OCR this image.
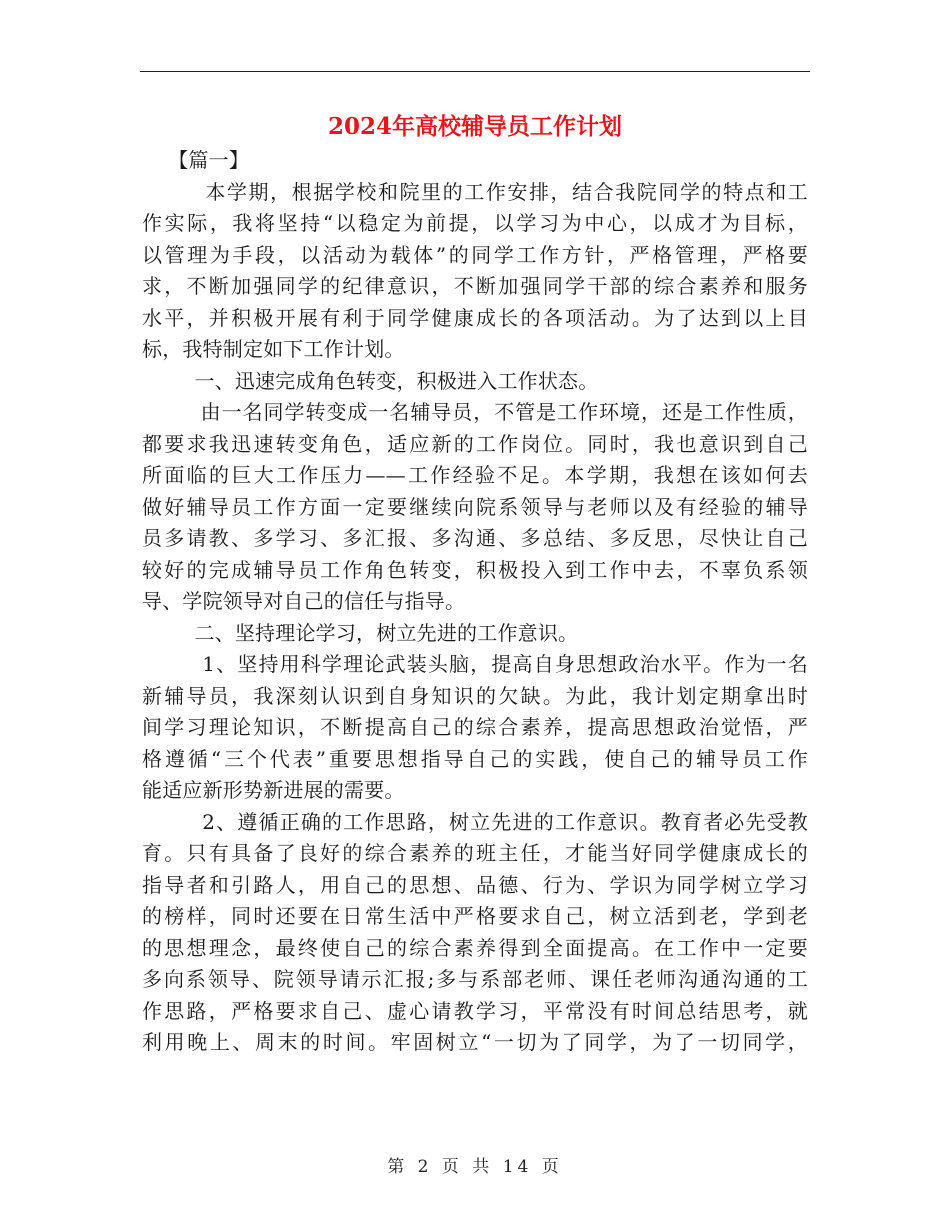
2024年高校辅导员工作计划
【篇一】
本学期，根据学校和院里的工作安排，结合我院同学的特点和工
作实际，我将坚持“以稳定为前提，以学习为中心，以成才为目标，
以管理为手段，以活动为载体”的同学工作方针，严格管理，严格要
求，不断加强同学的纪律意识，不断加强同学干部的综合素养和服务
水平，并积极开展有利于同学健康成长的各项活动。为了达到以上目
标，我特制定如下工作计划。
一、迅速完成角色转变，积极进入工作状态。
由一名同学转变成一名辅导员，不管是工作环境，还是工作性质，
都要求我迅速转变角色，适应新的工作岗位。同时，我也意识到自己
所面临的巨大工作压力——工作经验不足。本学期，我想在该如何去
做好辅导员工作方面一定要继续向院系领导与老师以及有经验的辅导
员多请教、多学习、多汇报、多沟通、多总结、多反思，尽快让自己
较好的完成辅导员工作角色转变，积极投入到工作中去，不辜负系领
导、学院领导对自己的信任与指导。
二、坚持理论学习，树立先进的工作意识。
1、坚持用科学理论武装头脑，提高自身思想政治水平。作为一名
新辅导员，我深刻认识到自身知识的欠缺。为此，我计划定期拿出时
间学习理论知识，不断提高自己的综合素养，提高思想政治觉悟，严
格遵循“三个代表”重要思想指导自己的实践，使自己的辅导员工作
能适应新形势新进展的需要。
2、遵循正确的工作思路，树立先进的工作意识。教育者必先受教
育。只有具备了良好的综合素养的班主任，才能当好同学健康成长的
指导者和引路人，用自己的思想、品德、行为、学识为同学树立学习
的榜样，同时还要在日常生活中严格要求自己，树立活到老，学到老
的思想理念，最终使自己的综合素养得到全面提高。在工作中一定要
多向系领导、院领导请示汇报;多与系部老师、课任老师沟通沟通的工
作思路，严格要求自己、虚心请教学习，平常没有时间总结思考，就
利用晚上、周末的时间。牢固树立“一切为了同学，为了一切同学，
第 2 页 共 14 页
